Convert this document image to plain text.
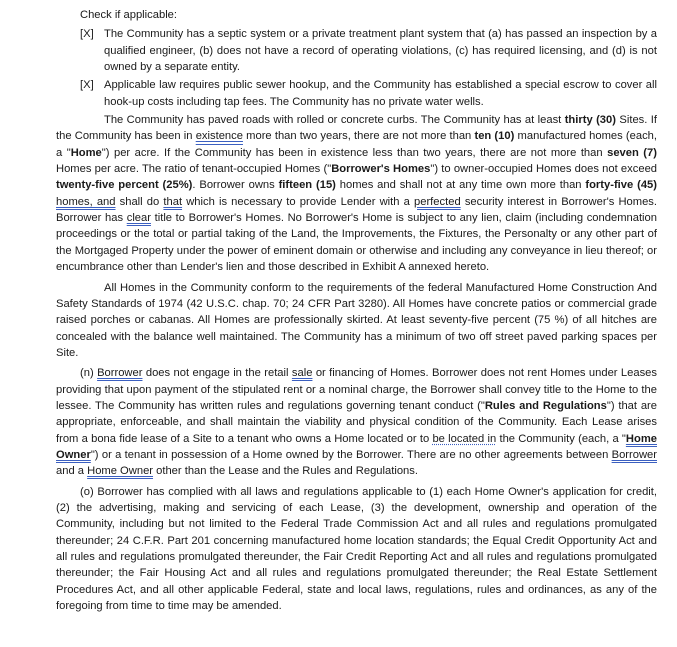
Check if applicable:
[X] The Community has a septic system or a private treatment plant system that (a) has passed an inspection by a qualified engineer, (b) does not have a record of operating violations, (c) has required licensing, and (d) is not owned by a separate entity.
[X] Applicable law requires public sewer hookup, and the Community has established a special escrow to cover all hook-up costs including tap fees. The Community has no private water wells.

The Community has paved roads with rolled or concrete curbs. The Community has at least thirty (30) Sites. If the Community has been in existence more than two years, there are not more than ten (10) manufactured homes (each, a "Home") per acre. If the Community has been in existence less than two years, there are not more than seven (7) Homes per acre. The ratio of tenant-occupied Homes ("Borrower's Homes") to owner-occupied Homes does not exceed twenty-five percent (25%). Borrower owns fifteen (15) homes and shall not at any time own more than forty-five (45) homes, and shall do that which is necessary to provide Lender with a perfected security interest in Borrower's Homes. Borrower has clear title to Borrower's Homes. No Borrower's Home is subject to any lien, claim (including condemnation proceedings or the total or partial taking of the Land, the Improvements, the Fixtures, the Personalty or any other part of the Mortgaged Property under the power of eminent domain or otherwise and including any conveyance in lieu thereof; or encumbrance other than Lender's lien and those described in Exhibit A annexed hereto.

All Homes in the Community conform to the requirements of the federal Manufactured Home Construction And Safety Standards of 1974 (42 U.S.C. chap. 70; 24 CFR Part 3280). All Homes have concrete patios or commercial grade raised porches or cabanas. All Homes are professionally skirted. At least seventy-five percent (75 %) of all hitches are concealed with the balance well maintained. The Community has a minimum of two off street paved parking spaces per Site.

(n) Borrower does not engage in the retail sale or financing of Homes. Borrower does not rent Homes under Leases providing that upon payment of the stipulated rent or a nominal charge, the Borrower shall convey title to the Home to the lessee. The Community has written rules and regulations governing tenant conduct ("Rules and Regulations") that are appropriate, enforceable, and shall maintain the viability and physical condition of the Community. Each Lease arises from a bona fide lease of a Site to a tenant who owns a Home located or to be located in the Community (each, a "Home Owner") or a tenant in possession of a Home owned by the Borrower. There are no other agreements between Borrower and a Home Owner other than the Lease and the Rules and Regulations.

(o) Borrower has complied with all laws and regulations applicable to (1) each Home Owner's application for credit, (2) the advertising, making and servicing of each Lease, (3) the development, ownership and operation of the Community, including but not limited to the Federal Trade Commission Act and all rules and regulations promulgated thereunder; 24 C.F.R. Part 201 concerning manufactured home location standards; the Equal Credit Opportunity Act and all rules and regulations promulgated thereunder, the Fair Credit Reporting Act and all rules and regulations promulgated thereunder; the Fair Housing Act and all rules and regulations promulgated thereunder; the Real Estate Settlement Procedures Act, and all other applicable Federal, state and local laws, regulations, rules and ordinances, as any of the foregoing from time to time may be amended.
